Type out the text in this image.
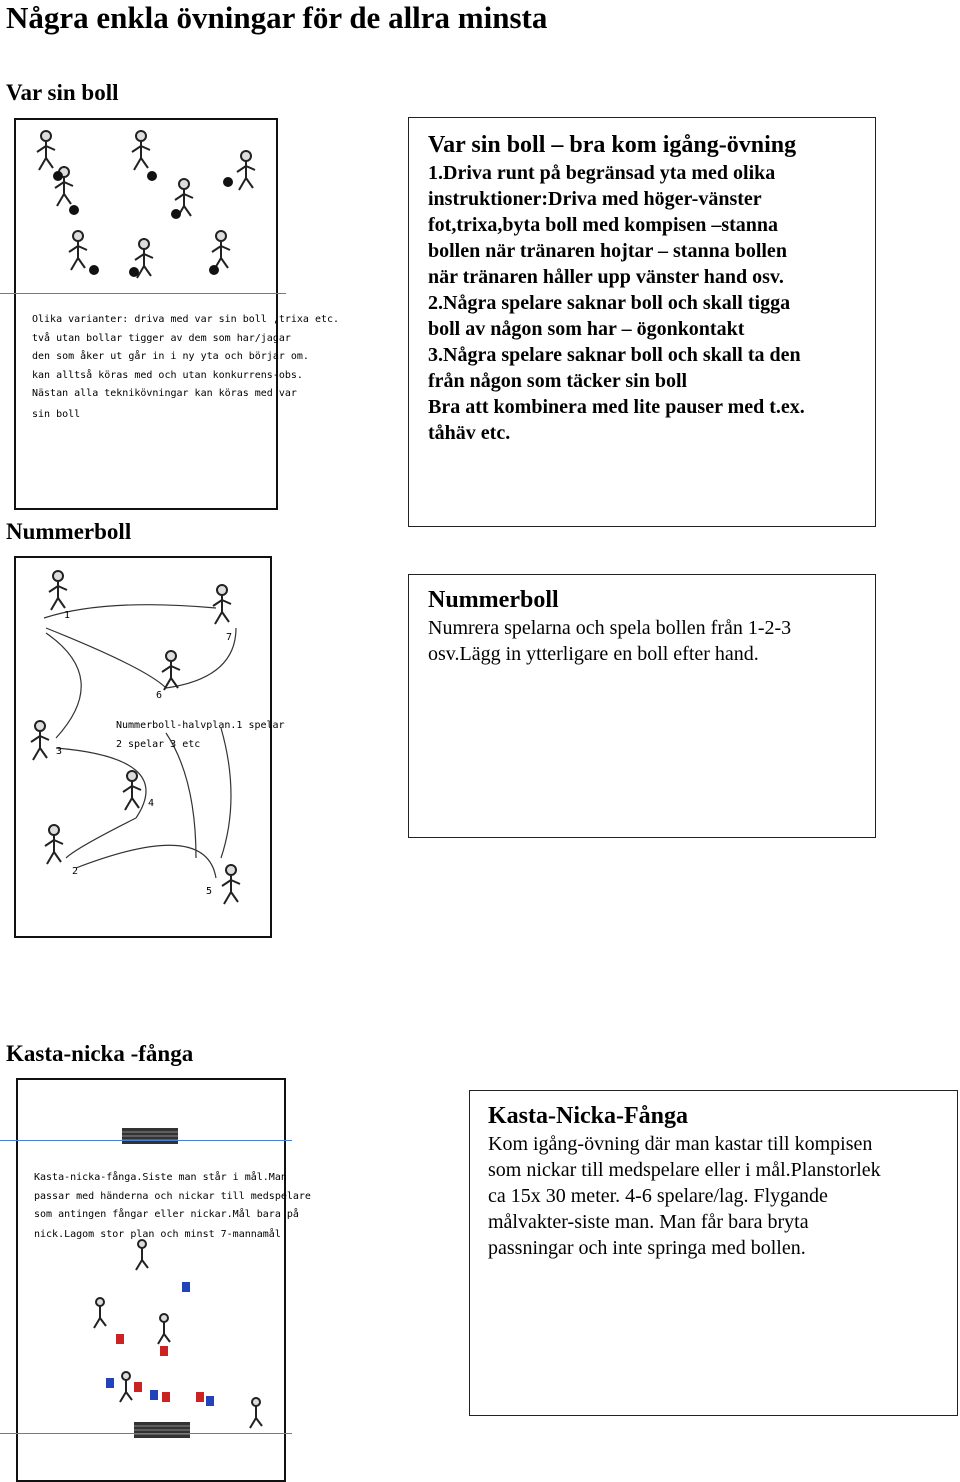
Några enkla övningar för de allra minsta
Var sin boll
Olika varianter: driva med var sin boll ,trixa etc.
två utan bollar tigger av dem som har/jagar
den som åker ut går in i ny yta och börjar om.
kan alltså köras med och utan konkurrens-obs.
Nästan alla teknikövningar kan köras med var
sin boll
Var sin boll – bra kom igång-övning
1.Driva runt på begränsad yta med olika
instruktioner:Driva med höger-vänster
fot,trixa,byta boll med kompisen –stanna
bollen när tränaren hojtar – stanna bollen
när tränaren håller upp vänster hand osv.
2.Några spelare saknar boll och skall tigga
boll av någon som har – ögonkontakt
3.Några spelare saknar boll och skall ta den
från någon som täcker sin boll
Bra att kombinera med lite pauser med t.ex.
tåhäv etc.
Nummerboll
1
7
6
3
4
2
5
Nummerboll-halvplan.1 spelar
2 spelar 3 etc
Nummerboll
Numrera spelarna och spela bollen från 1-2-3
osv.Lägg in ytterligare en boll efter hand.
Kasta-nicka -fånga
Kasta-nicka-fånga.Siste man står i mål.Man
passar med händerna och nickar till medspelare
som antingen fångar eller nickar.Mål bara på
nick.Lagom stor plan och minst 7-mannamål
Kasta-Nicka-Fånga
Kom igång-övning där man kastar till kompisen
som nickar till medspelare eller i mål.Planstorlek
ca 15x 30 meter. 4-6 spelare/lag. Flygande
målvakter-siste man. Man får bara bryta
passningar och inte springa med bollen.
